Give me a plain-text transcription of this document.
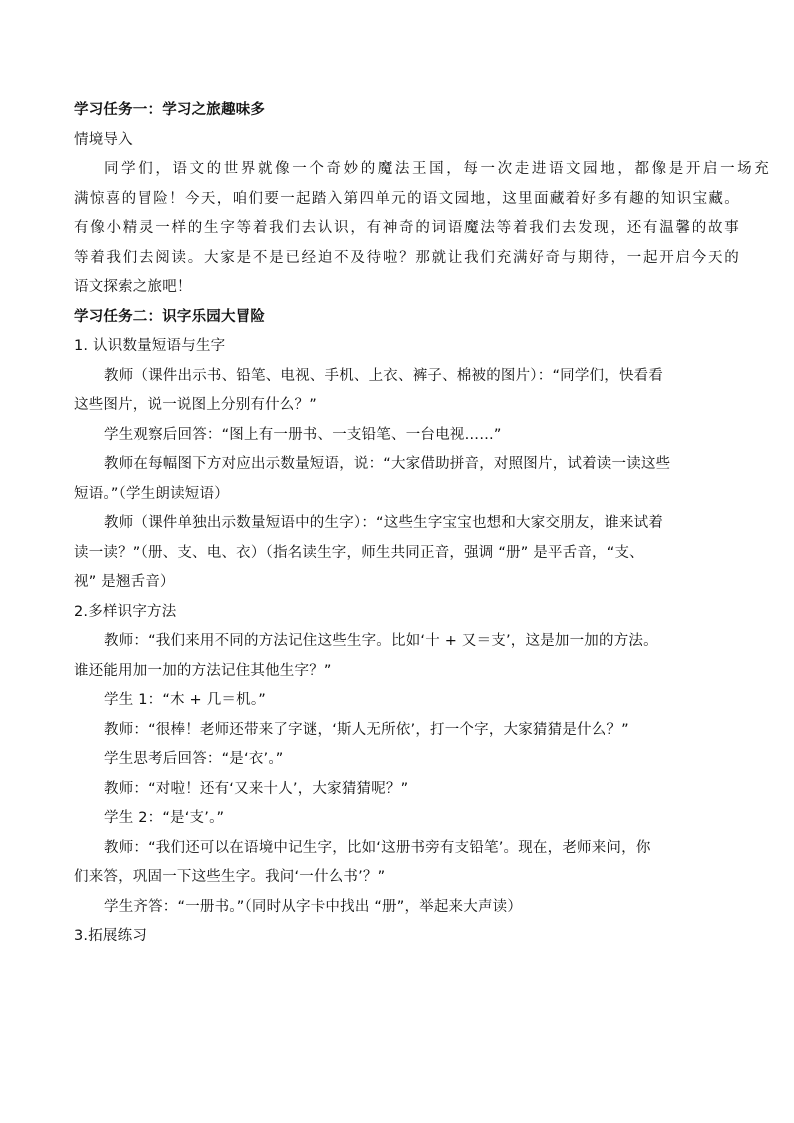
学习任务一：学习之旅趣味多
情境导入
同学们，语文的世界就像一个奇妙的魔法王国，每一次走进语文园地，都像是开启一场充
满惊喜的冒险！今天，咱们要一起踏入第四单元的语文园地，这里面藏着好多有趣的知识宝藏。
有像小精灵一样的生字等着我们去认识，有神奇的词语魔法等着我们去发现，还有温馨的故事
等着我们去阅读。大家是不是已经迫不及待啦？那就让我们充满好奇与期待，一起开启今天的
语文探索之旅吧！
学习任务二：识字乐园大冒险
1. 认识数量短语与生字
教师（课件出示书、铅笔、电视、手机、上衣、裤子、棉被的图片）：“同学们，快看看
这些图片，说一说图上分别有什么？”
学生观察后回答：“图上有一册书、一支铅笔、一台电视……”
教师在每幅图下方对应出示数量短语，说：“大家借助拼音，对照图片，试着读一读这些
短语。”（学生朗读短语）
教师（课件单独出示数量短语中的生字）：“这些生字宝宝也想和大家交朋友，谁来试着
读一读？”（册、支、电、衣）（指名读生字，师生共同正音，强调 “册” 是平舌音，“支、
视” 是翘舌音）
2.多样识字方法
教师：“我们来用不同的方法记住这些生字。比如‘十 + 又＝支’，这是加一加的方法。
谁还能用加一加的方法记住其他生字？”
学生 1：“木 + 几＝机。”
教师：“很棒！老师还带来了字谜，‘斯人无所依’，打一个字，大家猜猜是什么？”
学生思考后回答：“是‘衣’。”
教师：“对啦！还有‘又来十人’，大家猜猜呢？”
学生 2：“是‘支’。”
教师：“我们还可以在语境中记生字，比如‘这册书旁有支铅笔’。现在，老师来问，你
们来答，巩固一下这些生字。我问‘一什么书’？”
学生齐答：“一册书。”（同时从字卡中找出 “册”，举起来大声读）
3.拓展练习
